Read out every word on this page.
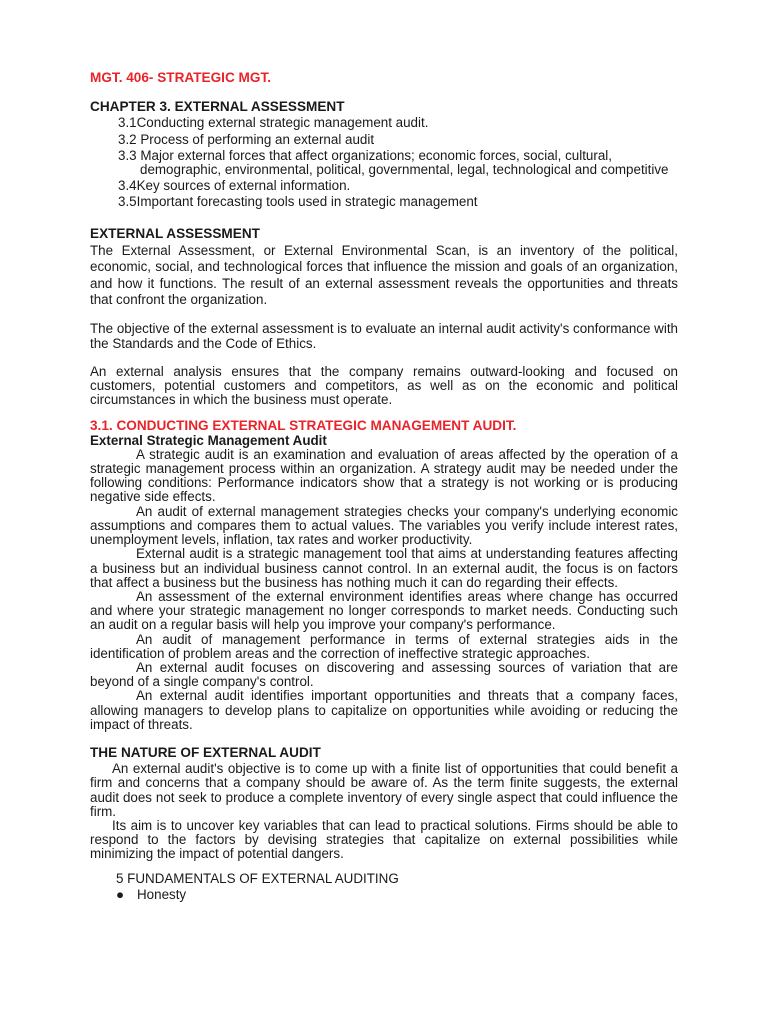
MGT. 406- STRATEGIC MGT.
CHAPTER 3. EXTERNAL ASSESSMENT
3.1Conducting external strategic management audit.
3.2 Process of performing an external audit
3.3 Major external forces that affect organizations; economic forces, social, cultural,
demographic, environmental, political, governmental, legal, technological and competitive
3.4Key sources of external information.
3.5Important forecasting tools used in strategic management
EXTERNAL ASSESSMENT

The External Assessment, or External Environmental Scan, is an inventory of the political, economic, social, and technological forces that influence the mission and goals of an organization, and how it functions. The result of an external assessment reveals the opportunities and threats that confront the organization.

The objective of the external assessment is to evaluate an internal audit activity's conformance with the Standards and the Code of Ethics.

An external analysis ensures that the company remains outward-looking and focused on customers, potential customers and competitors, as well as on the economic and political circumstances in which the business must operate.

3.1. CONDUCTING EXTERNAL STRATEGIC MANAGEMENT AUDIT.
External Strategic Management Audit

A strategic audit is an examination and evaluation of areas affected by the operation of a strategic management process within an organization. A strategy audit may be needed under the following conditions: Performance indicators show that a strategy is not working or is producing negative side effects.

An audit of external management strategies checks your company's underlying economic assumptions and compares them to actual values. The variables you verify include interest rates, unemployment levels, inflation, tax rates and worker productivity.

External audit is a strategic management tool that aims at understanding features affecting a business but an individual business cannot control. In an external audit, the focus is on factors that affect a business but the business has nothing much it can do regarding their effects.

An assessment of the external environment identifies areas where change has occurred and where your strategic management no longer corresponds to market needs. Conducting such an audit on a regular basis will help you improve your company's performance.

An audit of management performance in terms of external strategies aids in the identification of problem areas and the correction of ineffective strategic approaches.

An external audit focuses on discovering and assessing sources of variation that are beyond of a single company's control.

An external audit identifies important opportunities and threats that a company faces, allowing managers to develop plans to capitalize on opportunities while avoiding or reducing the impact of threats.

THE NATURE OF EXTERNAL AUDIT

An external audit's objective is to come up with a finite list of opportunities that could benefit a firm and concerns that a company should be aware of. As the term finite suggests, the external audit does not seek to produce a complete inventory of every single aspect that could influence the firm.

Its aim is to uncover key variables that can lead to practical solutions. Firms should be able to respond to the factors by devising strategies that capitalize on external possibilities while minimizing the impact of potential dangers.

5 FUNDAMENTALS OF EXTERNAL AUDITING
● Honesty
